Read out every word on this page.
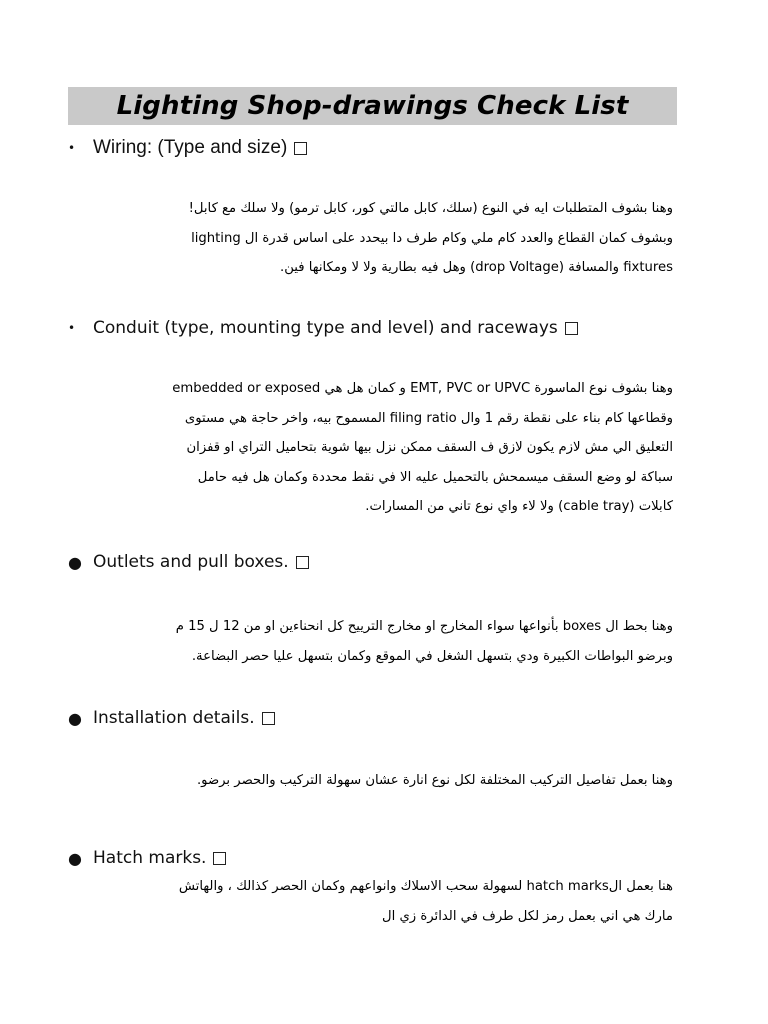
Lighting Shop-drawings Check List
• Wiring: (Type and size)
وهنا بشوف المتطلبات ايه في النوع (سلك، كابل مالتي كور، كابل ترمو) ولا سلك مع كابل!
وبشوف كمان القطاع والعدد كام ملي وكام طرف دا بيحدد على اساس قدرة ال lighting
fixtures والمسافة (drop Voltage) وهل فيه بطارية ولا لا ومكانها فين.
•	Conduit (type, mounting type and level) and raceways
وهنا بشوف نوع الماسورة EMT, PVC or UPVC و كمان هل هي embedded or exposed
وقطاعها كام بناء على نقطة رقم 1 وال filing ratio المسموح بيه، واخر حاجة هي مستوى
التعليق الي مش لازم يكون لازق ف السقف ممكن نزل بيها شوية بتحاميل التراي او قفزان
سباكة لو وضع السقف ميسمحش بالتحميل عليه الا في نقط محددة وكمان هل فيه حامل
كابلات (cable tray) ولا لاء واي نوع تاني من المسارات.
● Outlets and pull boxes.
وهنا بحط ال boxes بأنواعها سواء المخارج او مخارج الترييح كل انحناءين او من 12 ل 15 م
وبرضو البواطات الكبيرة ودي بتسهل الشغل في الموقع وكمان بتسهل عليا حصر البضاعة.
● Installation details.
وهنا بعمل تفاصيل التركيب المختلفة لكل نوع انارة عشان سهولة التركيب والحصر برضو.
● Hatch marks.
هنا بعمل الhatch marks لسهولة سحب الاسلاك وانواعهم وكمان الحصر كذالك ، والهاتش
مارك هي اني بعمل رمز لكل طرف في الدائرة زي ال
